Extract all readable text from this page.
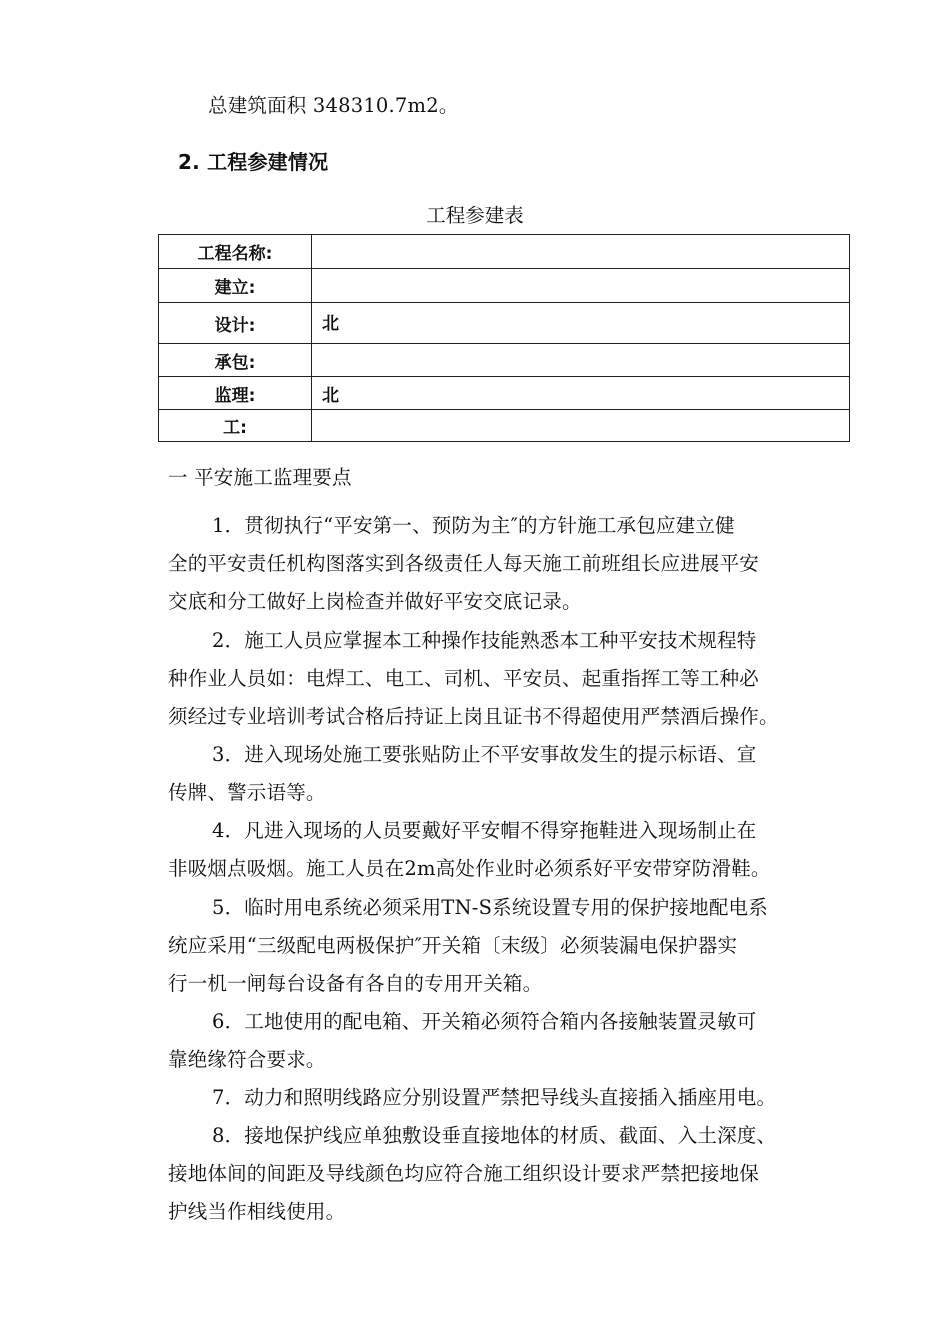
总建筑面积 348310.7m2。
2. 工程参建情况
工程参建表
工程名称:	
建立:	
设计:	北
承包:	
监理:	北
工:	
一 平安施工监理要点
1．贯彻执行“平安第一、预防为主″的方针施工承包应建立健
全的平安责任机构图落实到各级责任人每天施工前班组长应进展平安
交底和分工做好上岗检查并做好平安交底记录。
2．施工人员应掌握本工种操作技能熟悉本工种平安技术规程特
种作业人员如：电焊工、电工、司机、平安员、起重指挥工等工种必
须经过专业培训考试合格后持证上岗且证书不得超使用严禁酒后操作。
3．进入现场处施工要张贴防止不平安事故发生的提示标语、宣
传牌、警示语等。
4．凡进入现场的人员要戴好平安帽不得穿拖鞋进入现场制止在
非吸烟点吸烟。施工人员在2m高处作业时必须系好平安带穿防滑鞋。
5．临时用电系统必须采用TN-S系统设置专用的保护接地配电系
统应采用“三级配电两极保护″开关箱〔末级〕必须装漏电保护器实
行一机一闸每台设备有各自的专用开关箱。
6．工地使用的配电箱、开关箱必须符合箱内各接触装置灵敏可
靠绝缘符合要求。
7．动力和照明线路应分别设置严禁把导线头直接插入插座用电。
8．接地保护线应单独敷设垂直接地体的材质、截面、入土深度、
接地体间的间距及导线颜色均应符合施工组织设计要求严禁把接地保
护线当作相线使用。
